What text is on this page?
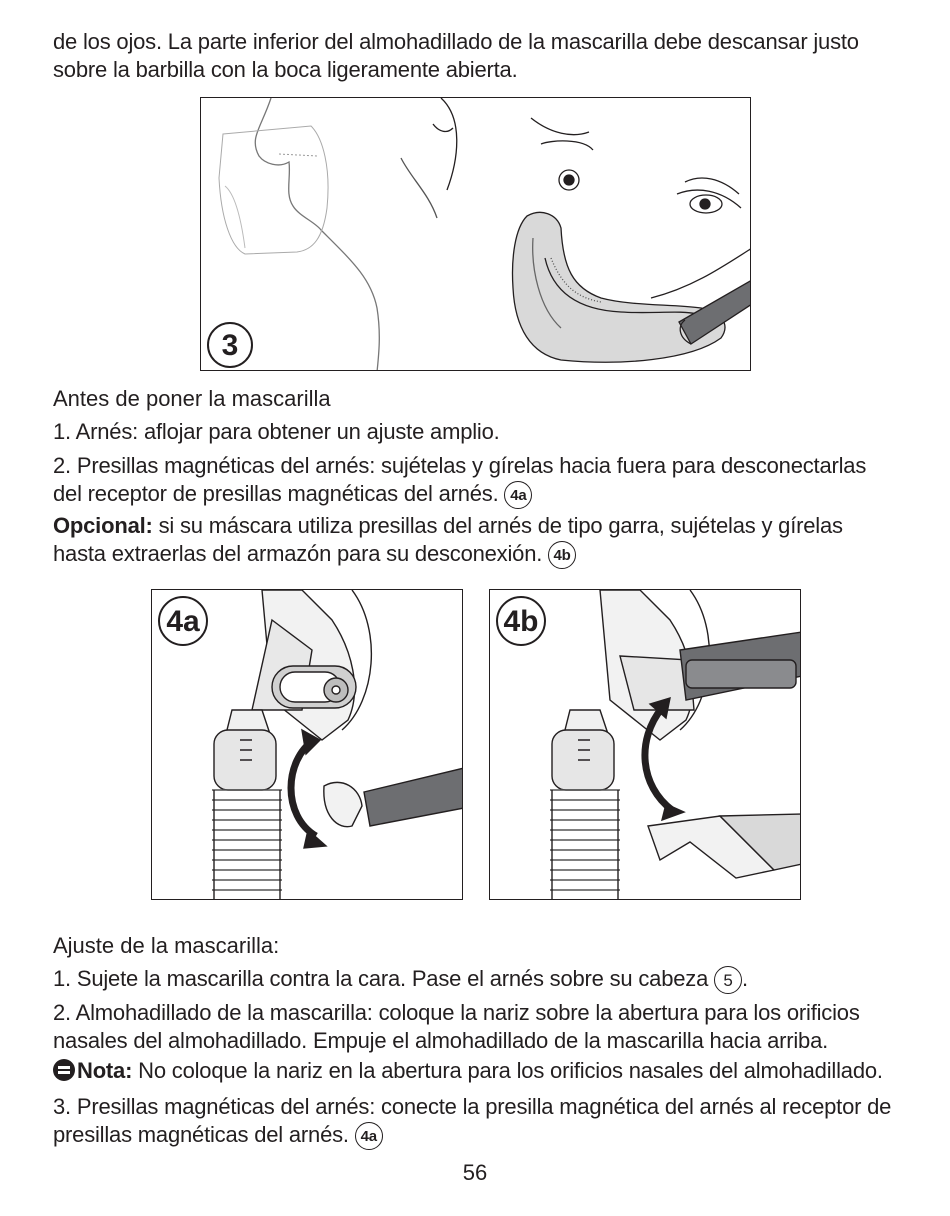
de los ojos. La parte inferior del almohadillado de la mascarilla debe descansar justo sobre la barbilla con la boca ligeramente abierta.

3

Antes de poner la mascarilla

1. Arnés: aflojar para obtener un ajuste amplio.

2. Presillas magnéticas del arnés: sujételas y gírelas hacia fuera para desconectarlas del receptor de presillas magnéticas del arnés. 4a

Opcional: si su máscara utiliza presillas del arnés de tipo garra, sujételas y gírelas hasta extraerlas del armazón para su desconexión. 4b

4a	4b

Ajuste de la mascarilla:

1. Sujete la mascarilla contra la cara. Pase el arnés sobre su cabeza 5 .

2. Almohadillado de la mascarilla: coloque la nariz sobre la abertura para los orificios nasales del almohadillado. Empuje el almohadillado de la mascarilla hacia arriba.

Nota: No coloque la nariz en la abertura para los orificios nasales del almohadillado.

3. Presillas magnéticas del arnés: conecte la presilla magnética del arnés al receptor de presillas magnéticas del arnés. 4a

56
